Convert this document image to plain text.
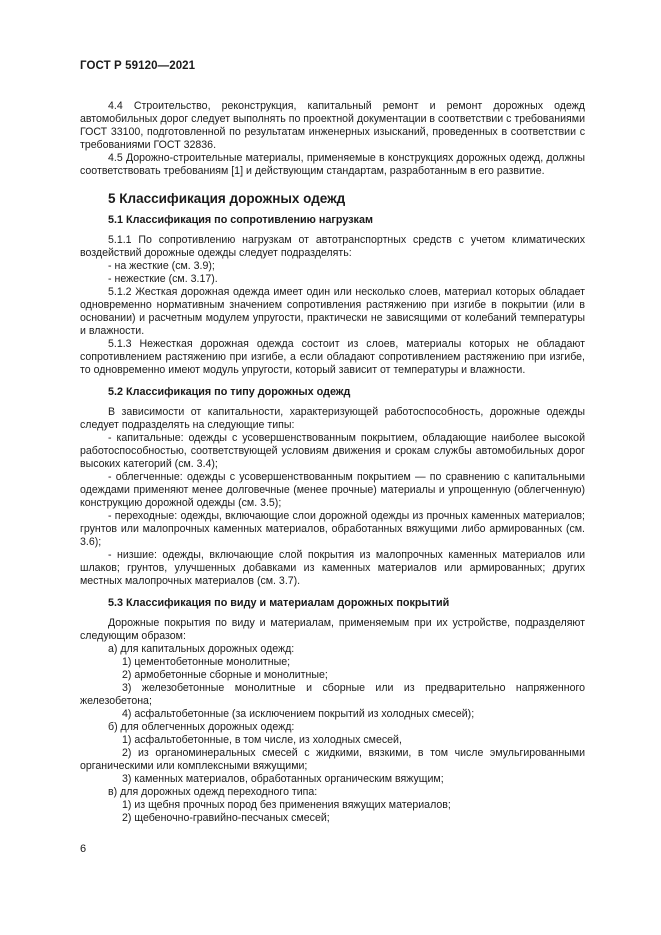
ГОСТ Р 59120—2021

4.4 Строительство, реконструкция, капитальный ремонт и ремонт дорожных одежд автомобильных дорог следует выполнять по проектной документации в соответствии с требованиями ГОСТ 33100, подготовленной по результатам инженерных изысканий, проведенных в соответствии с требованиями ГОСТ 32836.

4.5 Дорожно-строительные материалы, применяемые в конструкциях дорожных одежд, должны соответствовать требованиям [1] и действующим стандартам, разработанным в его развитие.

5 Классификация дорожных одежд
5.1 Классификация по сопротивлению нагрузкам

5.1.1 По сопротивлению нагрузкам от автотранспортных средств с учетом климатических воздействий дорожные одежды следует подразделять:

- на жесткие (см. 3.9);

- нежесткие (см. 3.17).

5.1.2 Жесткая дорожная одежда имеет один или несколько слоев, материал которых обладает одновременно нормативным значением сопротивления растяжению при изгибе в покрытии (или в основании) и расчетным модулем упругости, практически не зависящими от колебаний температуры и влажности.

5.1.3 Нежесткая дорожная одежда состоит из слоев, материалы которых не обладают сопротивлением растяжению при изгибе, а если обладают сопротивлением растяжению при изгибе, то одновременно имеют модуль упругости, который зависит от температуры и влажности.

5.2 Классификация по типу дорожных одежд

В зависимости от капитальности, характеризующей работоспособность, дорожные одежды следует подразделять на следующие типы:

- капитальные: одежды с усовершенствованным покрытием, обладающие наиболее высокой работоспособностью, соответствующей условиям движения и срокам службы автомобильных дорог высоких категорий (см. 3.4);

- облегченные: одежды с усовершенствованным покрытием — по сравнению с капитальными одеждами применяют менее долговечные (менее прочные) материалы и упрощенную (облегченную) конструкцию дорожной одежды (см. 3.5);

- переходные: одежды, включающие слои дорожной одежды из прочных каменных материалов; грунтов или малопрочных каменных материалов, обработанных вяжущими либо армированных (см. 3.6);

- низшие: одежды, включающие слой покрытия из малопрочных каменных материалов или шлаков; грунтов, улучшенных добавками из каменных материалов или армированных; других местных малопрочных материалов (см. 3.7).

5.3 Классификация по виду и материалам дорожных покрытий

Дорожные покрытия по виду и материалам, применяемым при их устройстве, подразделяют следующим образом:

а) для капитальных дорожных одежд:

1) цементобетонные монолитные;

2) армобетонные сборные и монолитные;

3) железобетонные монолитные и сборные или из предварительно напряженного железобетона;

4) асфальтобетонные (за исключением покрытий из холодных смесей);

б) для облегченных дорожных одежд:

1) асфальтобетонные, в том числе, из холодных смесей,

2) из органоминеральных смесей с жидкими, вязкими, в том числе эмульгированными органическими или комплексными вяжущими;

3) каменных материалов, обработанных органическим вяжущим;

в) для дорожных одежд переходного типа:

1) из щебня прочных пород без применения вяжущих материалов;

2) щебеночно-гравийно-песчаных смесей;

6
